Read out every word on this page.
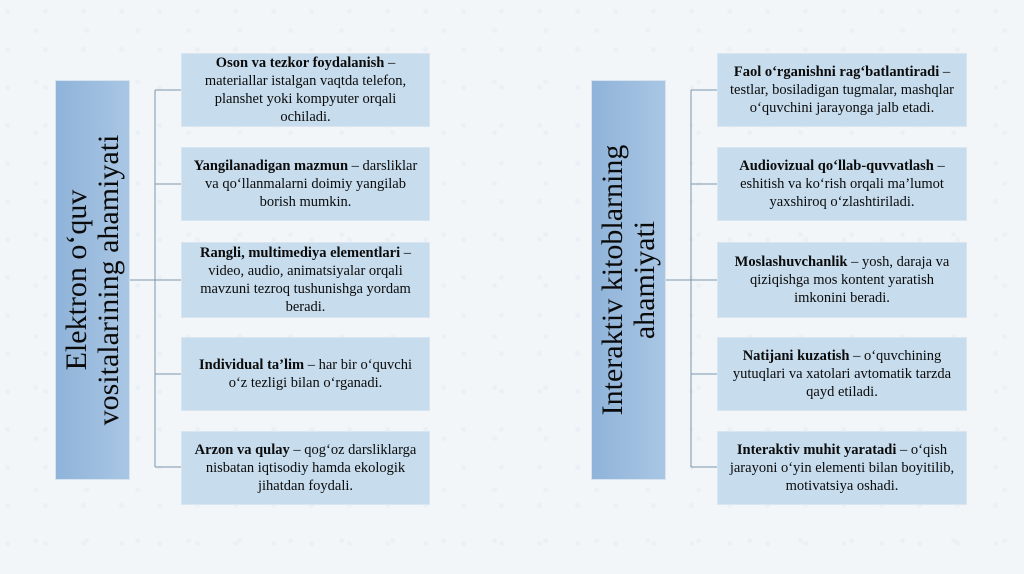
Elektron o‘quv vositalarining ahamiyati
Oson va tezkor foydalanish – materiallar istalgan vaqtda telefon, planshet yoki kompyuter orqali ochiladi.
Yangilanadigan mazmun – darsliklar va qo‘llanmalarni doimiy yangilab borish mumkin.
Rangli, multimediya elementlari – video, audio, animatsiyalar orqali mavzuni tezroq tushunishga yordam beradi.
Individual ta’lim – har bir o‘quvchi o‘z tezligi bilan o‘rganadi.
Arzon va qulay – qog‘oz darsliklarga nisbatan iqtisodiy hamda ekologik jihatdan foydali.
Interaktiv kitoblarning ahamiyati
Faol o‘rganishni rag‘batlantiradi – testlar, bosiladigan tugmalar, mashqlar o‘quvchini jarayonga jalb etadi.
Audiovizual qo‘llab-quvvatlash – eshitish va ko‘rish orqali ma’lumot yaxshiroq o‘zlashtiriladi.
Moslashuvchanlik – yosh, daraja va qiziqishga mos kontent yaratish imkonini beradi.
Natijani kuzatish – o‘quvchining yutuqlari va xatolari avtomatik tarzda qayd etiladi.
Interaktiv muhit yaratadi – o‘qish jarayoni o‘yin elementi bilan boyitilib, motivatsiya oshadi.
